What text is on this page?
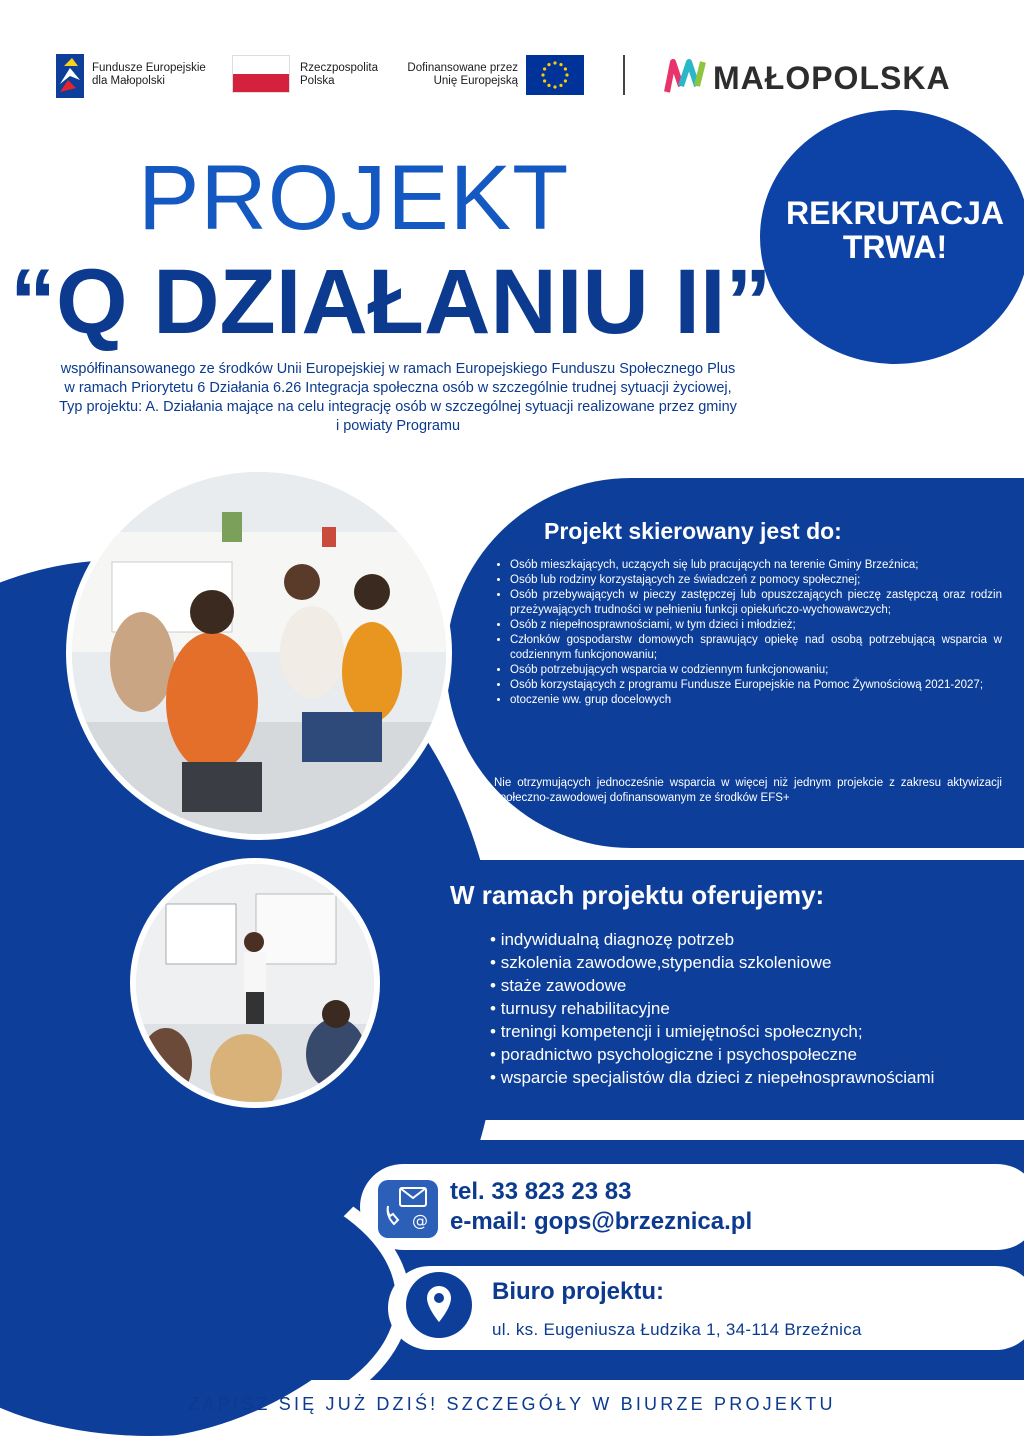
Fundusze Europejskie
dla Małopolski
Rzeczpospolita
Polska
Dofinansowane przez
Unię Europejską	MAŁOPOLSKA
PROJEKT
“Q DZIAŁANIU II”
REKRUTACJA
TRWA!
współfinansowanego ze środków Unii Europejskiej w ramach Europejskiego Funduszu Społecznego Plus
w ramach Priorytetu 6 Działania 6.26 Integracja społeczna osób w szczególnie trudnej sytuacji życiowej,
Typ projektu: A. Działania mające na celu integrację osób w szczególnej sytuacji realizowane przez gminy
i powiaty Programu
Projekt skierowany jest do:
• Osób mieszkających, uczących się lub pracujących na terenie Gminy Brzeźnica;
• Osób lub rodziny korzystających ze świadczeń z pomocy społecznej;
• Osób przebywających w pieczy zastępczej lub opuszczających pieczę zastępczą oraz rodzin przeżywających trudności w pełnieniu funkcji opiekuńczo-wychowawczych;
• Osób z niepełnosprawnościami, w tym dzieci i młodzież;
• Członków gospodarstw domowych sprawujący opiekę nad osobą potrzebującą wsparcia w codziennym funkcjonowaniu;
• Osób potrzebujących wsparcia w codziennym funkcjonowaniu;
• Osób korzystających z programu Fundusze Europejskie na Pomoc Żywnościową 2021-2027;
• otoczenie ww. grup docelowych
Nie otrzymujących jednocześnie wsparcia w więcej niż jednym projekcie z zakresu aktywizacji społeczno-zawodowej dofinansowanym ze środków EFS+
W ramach projektu oferujemy:
• indywidualną diagnozę potrzeb
• szkolenia zawodowe,stypendia szkoleniowe
• staże zawodowe
• turnusy rehabilitacyjne
• treningi kompetencji i umiejętności społecznych;
• poradnictwo psychologiczne i psychospołeczne
• wsparcie specjalistów dla dzieci z niepełnosprawnościami
@
tel. 33 823 23 83
e-mail: gops@brzeznica.pl
Biuro projektu:
ul. ks. Eugeniusza Łudzika 1, 34-114 Brzeźnica
ZAPISZ SIĘ JUŻ DZIŚ! SZCZEGÓŁY W BIURZE PROJEKTU
